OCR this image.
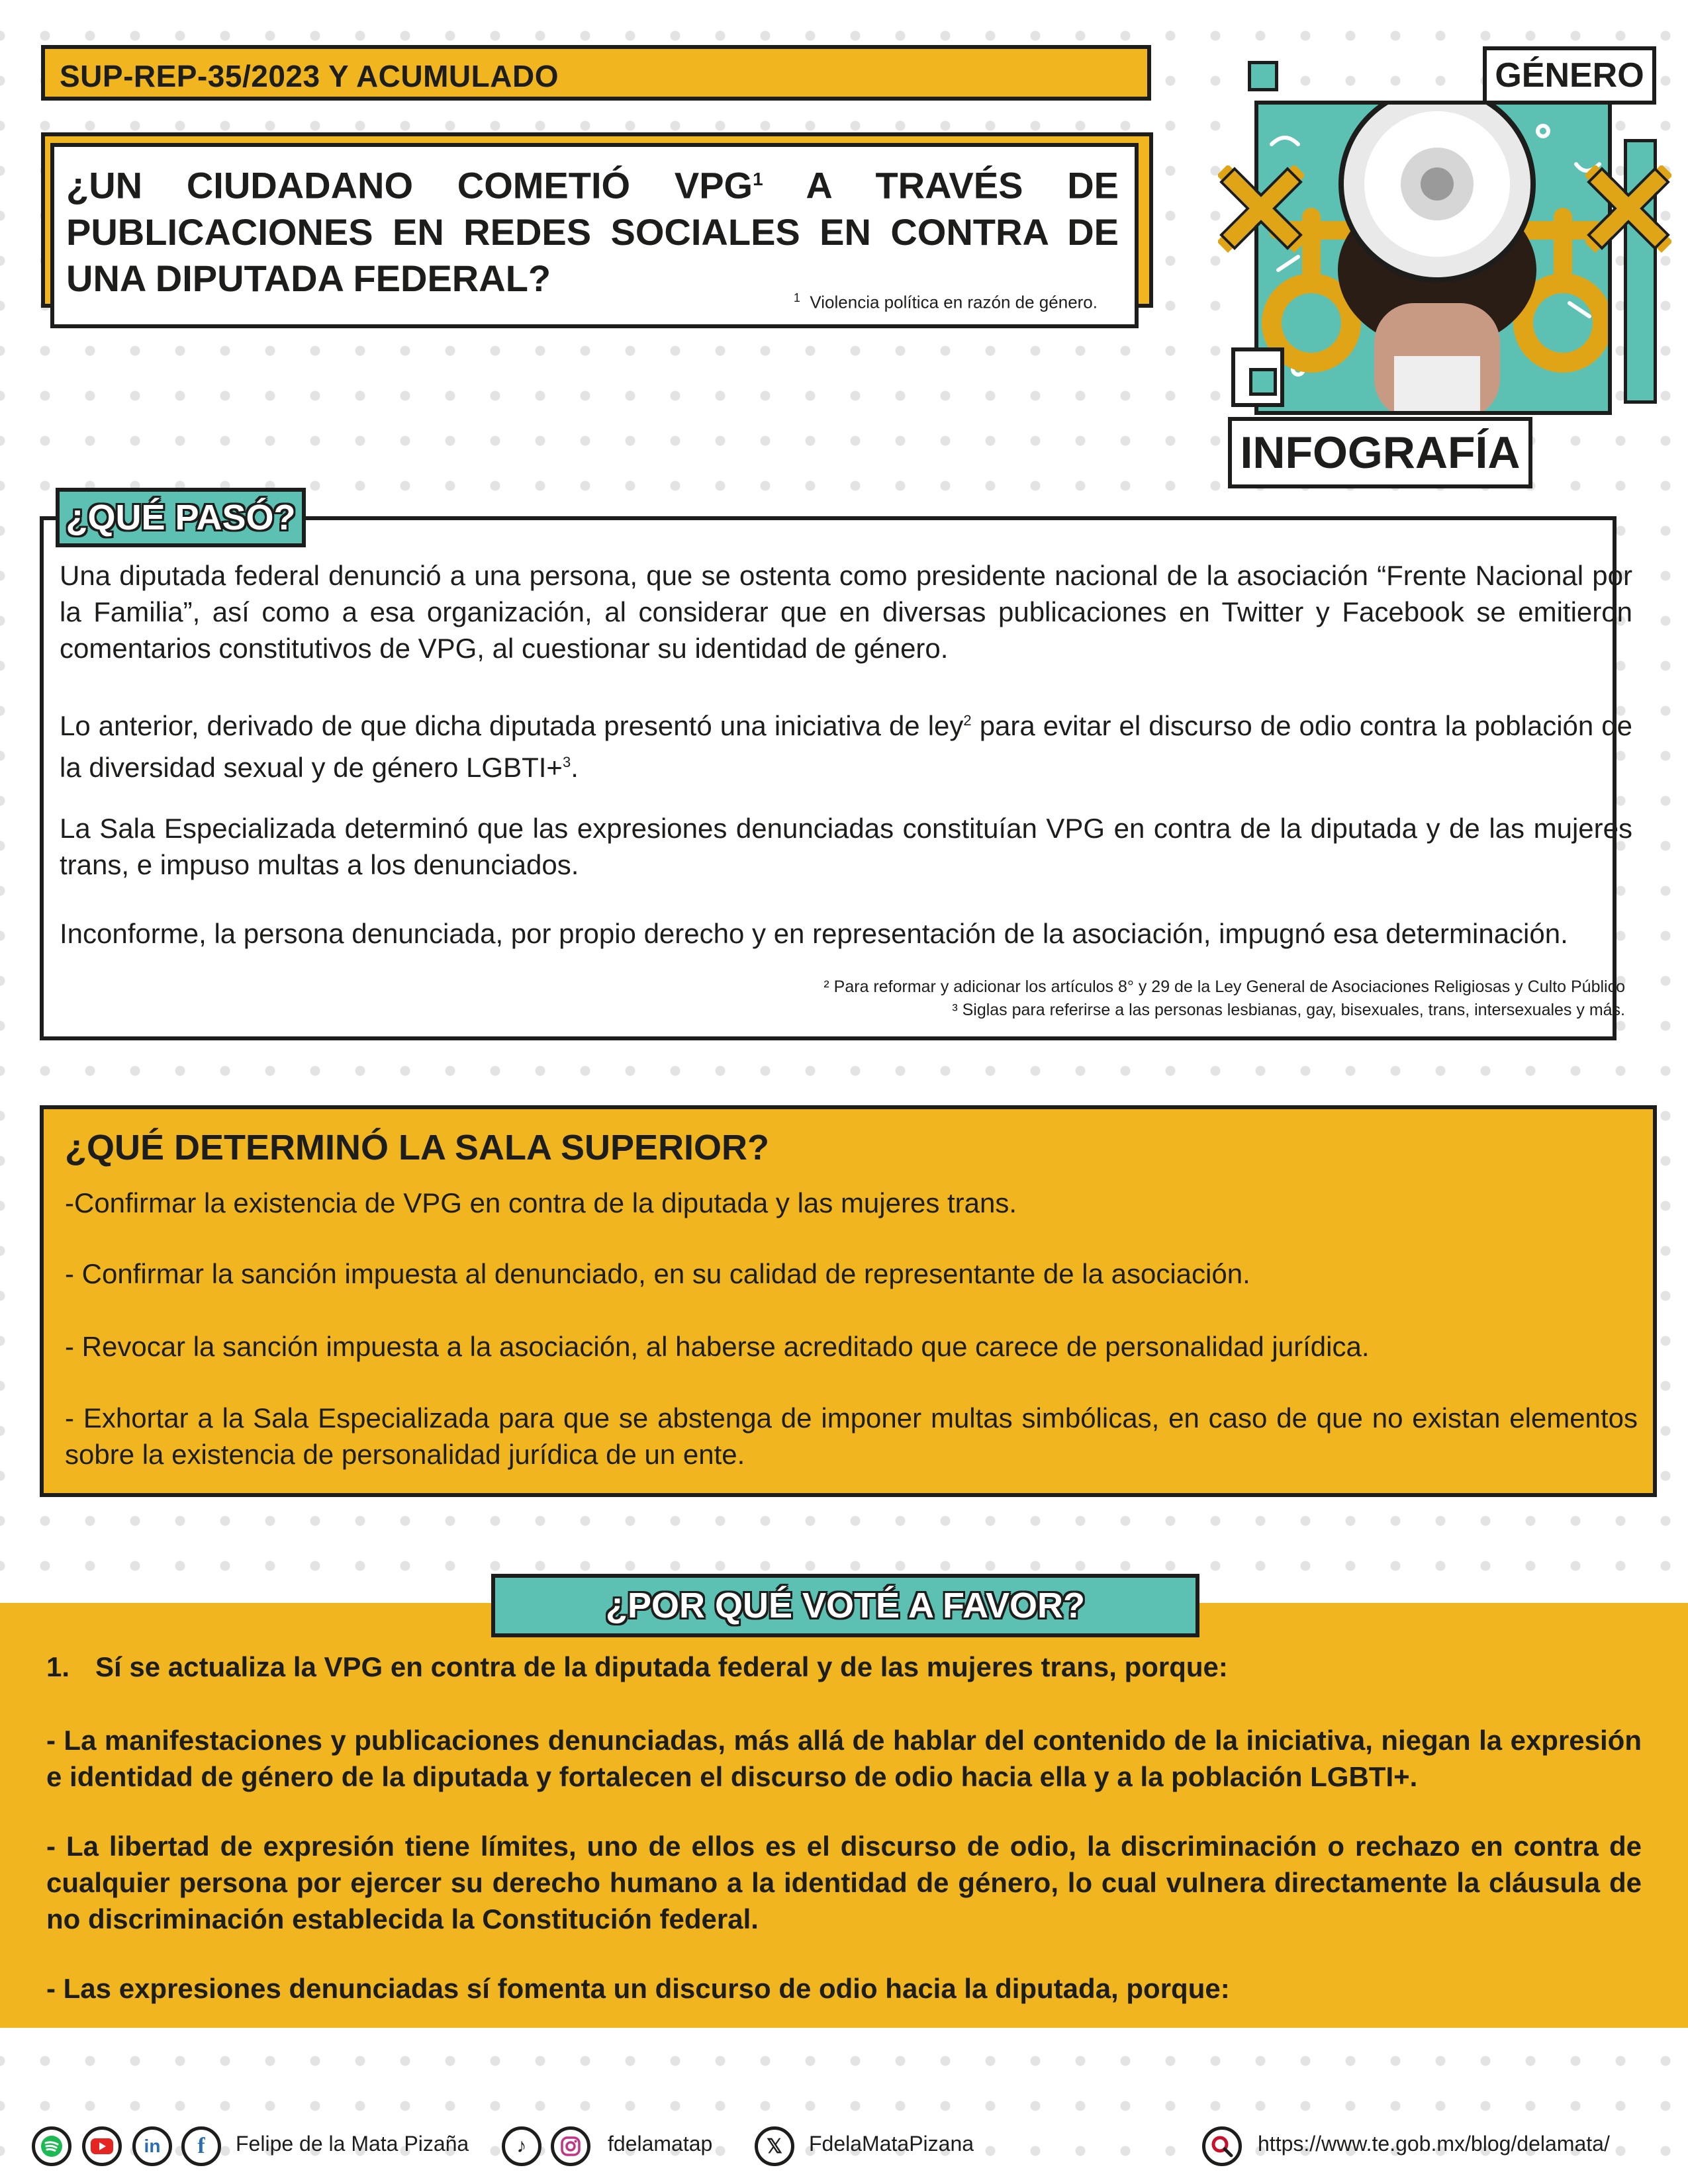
SUP-REP-35/2023 Y ACUMULADO
¿UN CIUDADANO COMETIÓ VPG$^1$ A TRAVÉS DE PUBLICACIONES EN REDES SOCIALES EN CONTRA DE UNA DIPUTADA FEDERAL?	$^1$ Violencia política en razón de género.
GÉNERO
INFOGRAFÍA
¿QUÉ PASÓ?
Una diputada federal denunció a una persona, que se ostenta como presidente nacional de la asociación “Frente Nacional por la Familia”, así como a esa organización, al considerar que en diversas publicaciones en Twitter y Facebook se emitieron comentarios constitutivos de VPG, al cuestionar su identidad de género.
Lo anterior, derivado de que dicha diputada presentó una iniciativa de ley$^2$ para evitar el discurso de odio contra la población de la diversidad sexual y de género LGBTI+$^3$.
La Sala Especializada determinó que las expresiones denunciadas constituían VPG en contra de la diputada y de las mujeres trans, e impuso multas a los denunciados.
Inconforme, la persona denunciada, por propio derecho y en representación de la asociación, impugnó esa determinación.
² Para reformar y adicionar los artículos 8° y 29 de la Ley General de Asociaciones Religiosas y Culto Público
³ Siglas para referirse a las personas lesbianas, gay, bisexuales, trans, intersexuales y más.
¿QUÉ DETERMINÓ LA SALA SUPERIOR?
-Confirmar la existencia de VPG en contra de la diputada y las mujeres trans.
- Confirmar la sanción impuesta al denunciado, en su calidad de representante de la asociación.
- Revocar la sanción impuesta a la asociación, al haberse acreditado que carece de personalidad jurídica.
- Exhortar a la Sala Especializada para que se abstenga de imponer multas simbólicas, en caso de que no existan elementos sobre la existencia de personalidad jurídica de un ente.
¿POR QUÉ VOTÉ A FAVOR?
1. Sí se actualiza la VPG en contra de la diputada federal y de las mujeres trans, porque:
- La manifestaciones y publicaciones denunciadas, más allá de hablar del contenido de la iniciativa, niegan la expresión e identidad de género de la diputada y fortalecen el discurso de odio hacia ella y a la población LGBTI+.
- La libertad de expresión tiene límites, uno de ellos es el discurso de odio, la discriminación o rechazo en contra de cualquier persona por ejercer su derecho humano a la identidad de género, lo cual vulnera directamente la cláusula de no discriminación establecida la Constitución federal.
- Las expresiones denunciadas sí fomenta un discurso de odio hacia la diputada, porque:
in	f	Felipe de la Mata Pizaña	♪	fdelamatap	𝕏	FdelaMataPizana	https://www.te.gob.mx/blog/delamata/
